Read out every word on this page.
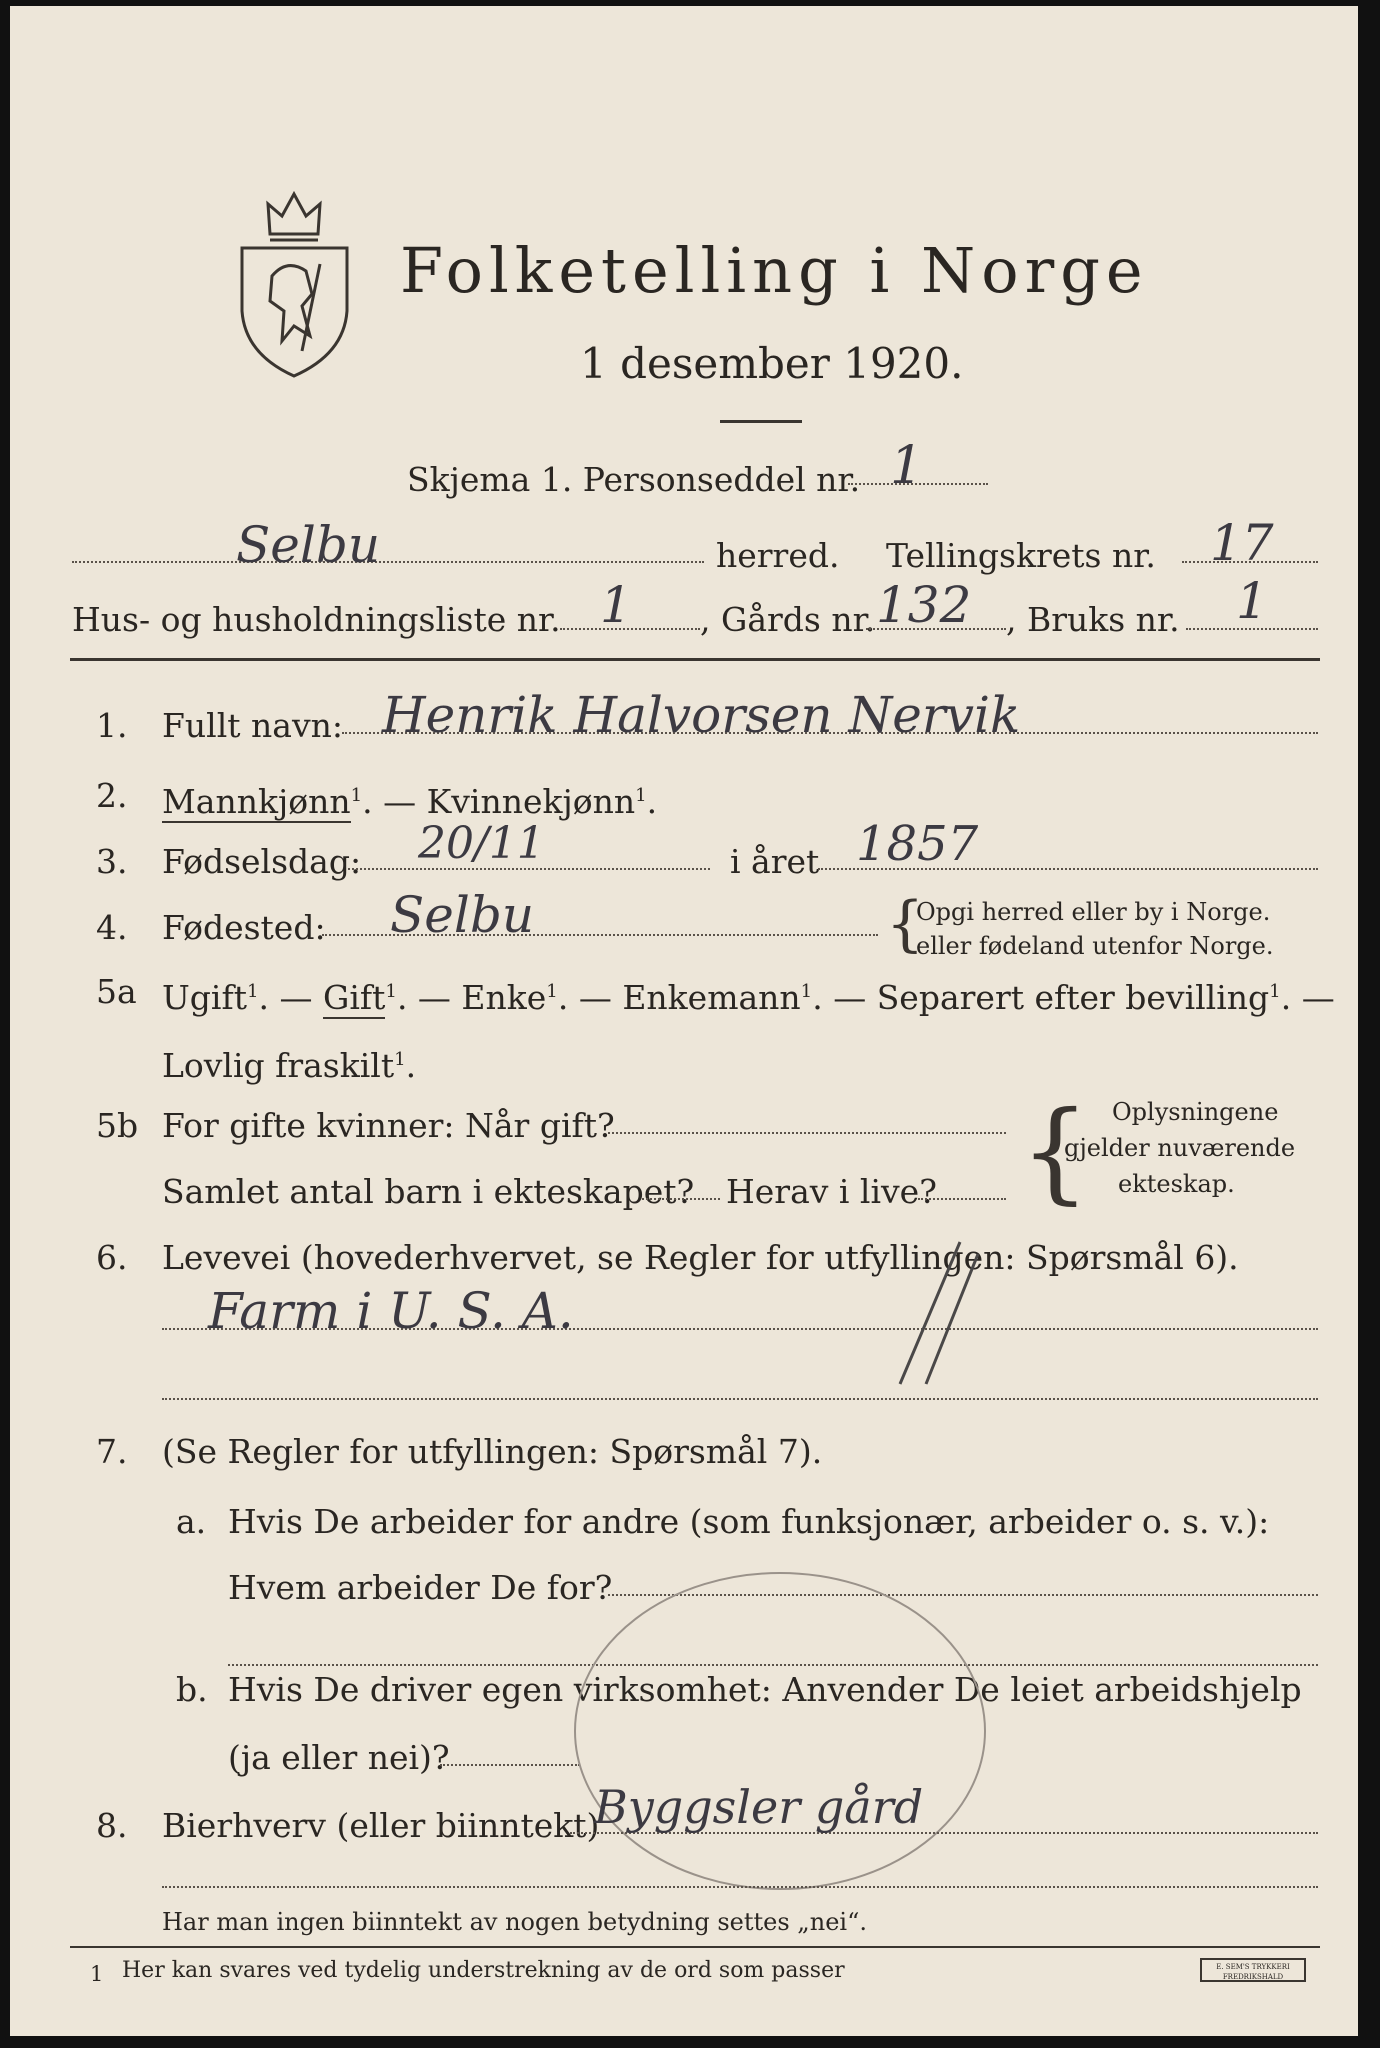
Folketelling i Norge
1 desember 1920.
Skjema 1. Personseddel nr. 1
Selbu	herred. Tellingskrets nr. 17
Hus- og husholdningsliste nr. 1 , Gårds nr. 132 , Bruks nr. 1
1. Fullt navn: Henrik Halvorsen Nervik
2. Mannkjønn$^1$. — Kvinnekjønn$^1$.
3. Fødselsdag: 20/11	i året 1857
4. Fødested: Selbu	{
Opgi herred eller by i Norge.
eller fødeland utenfor Norge.
5a Ugift$^1$. — Gift$^1$. — Enke$^1$. — Enkemann$^1$. — Separert efter bevilling$^1$. —
Lovlig fraskilt$^1$.
5b For gifte kvinner: Når gift?
Samlet antal barn i ekteskapet? Herav i live? { Oplysningene
gjelder nuværende
ekteskap.
6. Levevei (hovederhvervet, se Regler for utfyllingen: Spørsmål 6).
Farm i U. S. A.
7. (Se Regler for utfyllingen: Spørsmål 7).
a. Hvis De arbeider for andre (som funksjonær, arbeider o. s. v.):
Hvem arbeider De for?
b. Hvis De driver egen virksomhet: Anvender De leiet arbeidshjelp
(ja eller nei)?
8. Bierhverv (eller biinntekt)
Byggsler gård
Har man ingen biinntekt av nogen betydning settes „nei“.
1 Her kan svares ved tydelig understrekning av de ord som passer	E. SEM'S TRYKKERI FREDRIKSHALD
